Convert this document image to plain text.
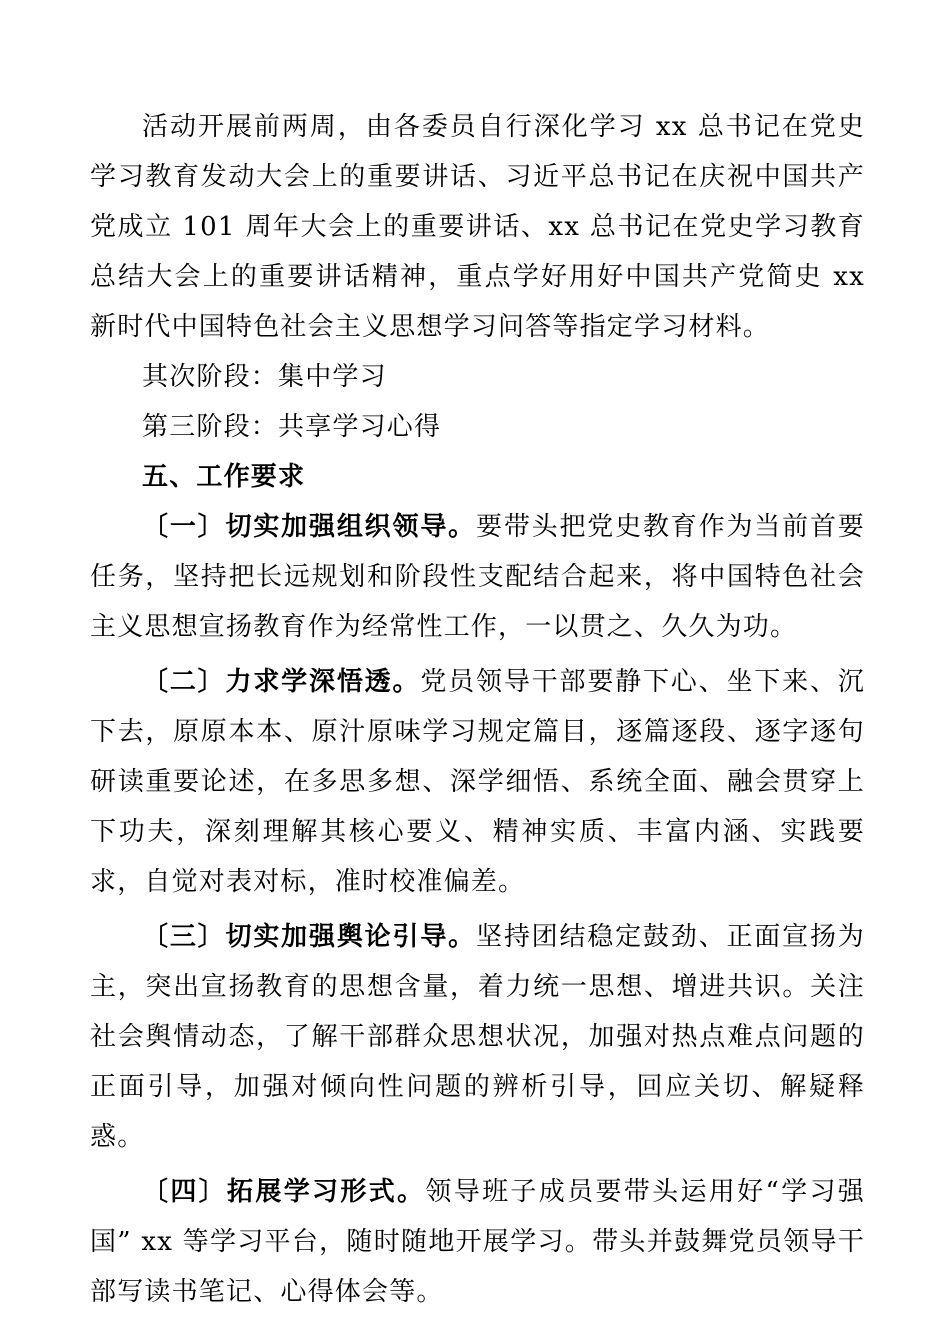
活动开展前两周，由各委员自行深化学习 xx 总书记在党史学习教育发动大会上的重要讲话、习近平总书记在庆祝中国共产党成立 101 周年大会上的重要讲话、xx 总书记在党史学习教育总结大会上的重要讲话精神，重点学好用好中国共产党简史 xx 新时代中国特色社会主义思想学习问答等指定学习材料。

其次阶段：集中学习

第三阶段：共享学习心得

五、工作要求

〔一〕切实加强组织领导。要带头把党史教育作为当前首要任务，坚持把长远规划和阶段性支配结合起来，将中国特色社会主义思想宣扬教育作为经常性工作，一以贯之、久久为功。

〔二〕力求学深悟透。党员领导干部要静下心、坐下来、沉下去，原原本本、原汁原味学习规定篇目，逐篇逐段、逐字逐句研读重要论述，在多思多想、深学细悟、系统全面、融会贯穿上下功夫，深刻理解其核心要义、精神实质、丰富内涵、实践要求，自觉对表对标，准时校准偏差。

〔三〕切实加强舆论引导。坚持团结稳定鼓劲、正面宣扬为主，突出宣扬教育的思想含量，着力统一思想、增进共识。关注社会舆情动态，了解干部群众思想状况，加强对热点难点问题的正面引导，加强对倾向性问题的辨析引导，回应关切、解疑释惑。

〔四〕拓展学习形式。领导班子成员要带头运用好“学习强国” xx 等学习平台，随时随地开展学习。带头并鼓舞党员领导干部写读书笔记、心得体会等。
